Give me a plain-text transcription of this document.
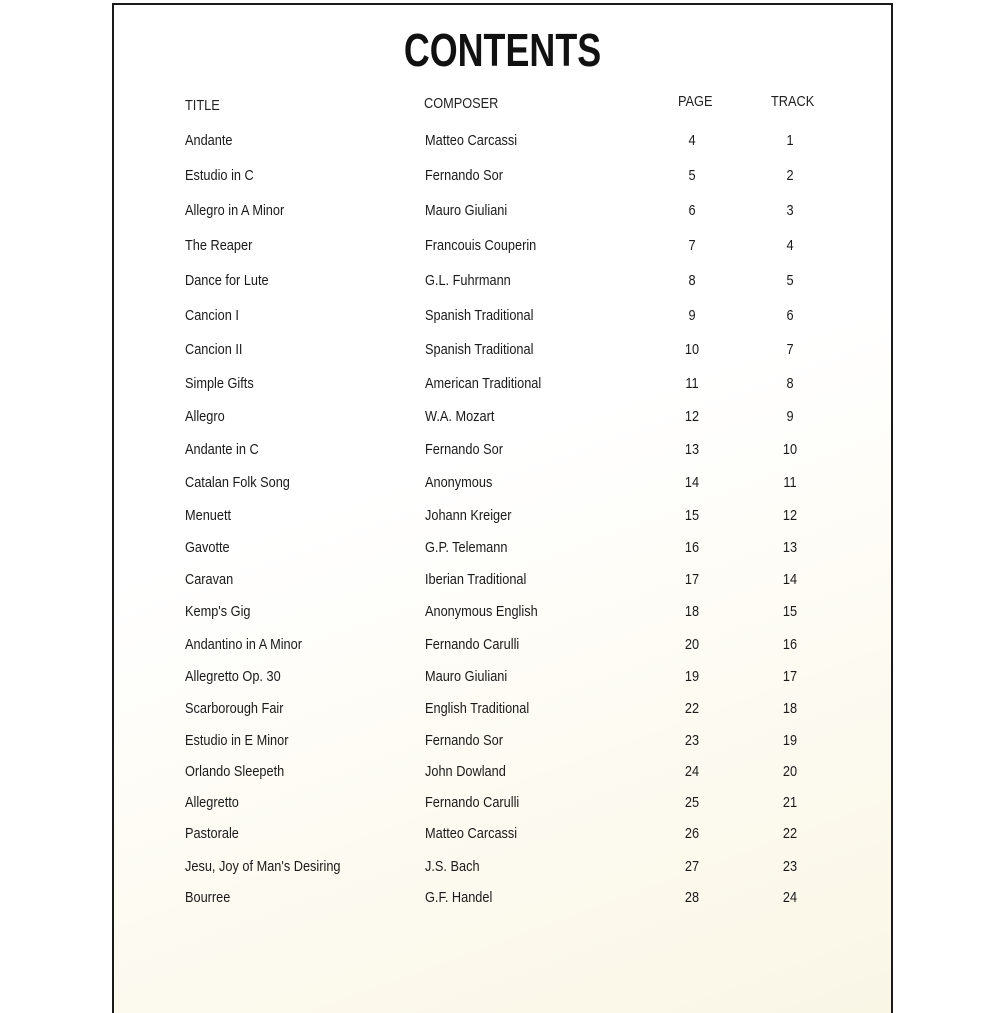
CONTENTS
TITLE	COMPOSER	PAGE	TRACK
Andante	Matteo Carcassi	4	1
Estudio in C	Fernando Sor	5	2
Allegro in A Minor	Mauro Giuliani	6	3
The Reaper	Francouis Couperin	7	4
Dance for Lute	G.L. Fuhrmann	8	5
Cancion I	Spanish Traditional	9	6
Cancion II	Spanish Traditional	10	7
Simple Gifts	American Traditional	11	8
Allegro	W.A. Mozart	12	9
Andante in C	Fernando Sor	13	10
Catalan Folk Song	Anonymous	14	11
Menuett	Johann Kreiger	15	12
Gavotte	G.P. Telemann	16	13
Caravan	Iberian Traditional	17	14
Kemp's Gig	Anonymous English	18	15
Andantino in A Minor	Fernando Carulli	20	16
Allegretto Op. 30	Mauro Giuliani	19	17
Scarborough Fair	English Traditional	22	18
Estudio in E Minor	Fernando Sor	23	19
Orlando Sleepeth	John Dowland	24	20
Allegretto	Fernando Carulli	25	21
Pastorale	Matteo Carcassi	26	22
Jesu, Joy of Man's Desiring	J.S. Bach	27	23
Bourree	G.F. Handel	28	24
